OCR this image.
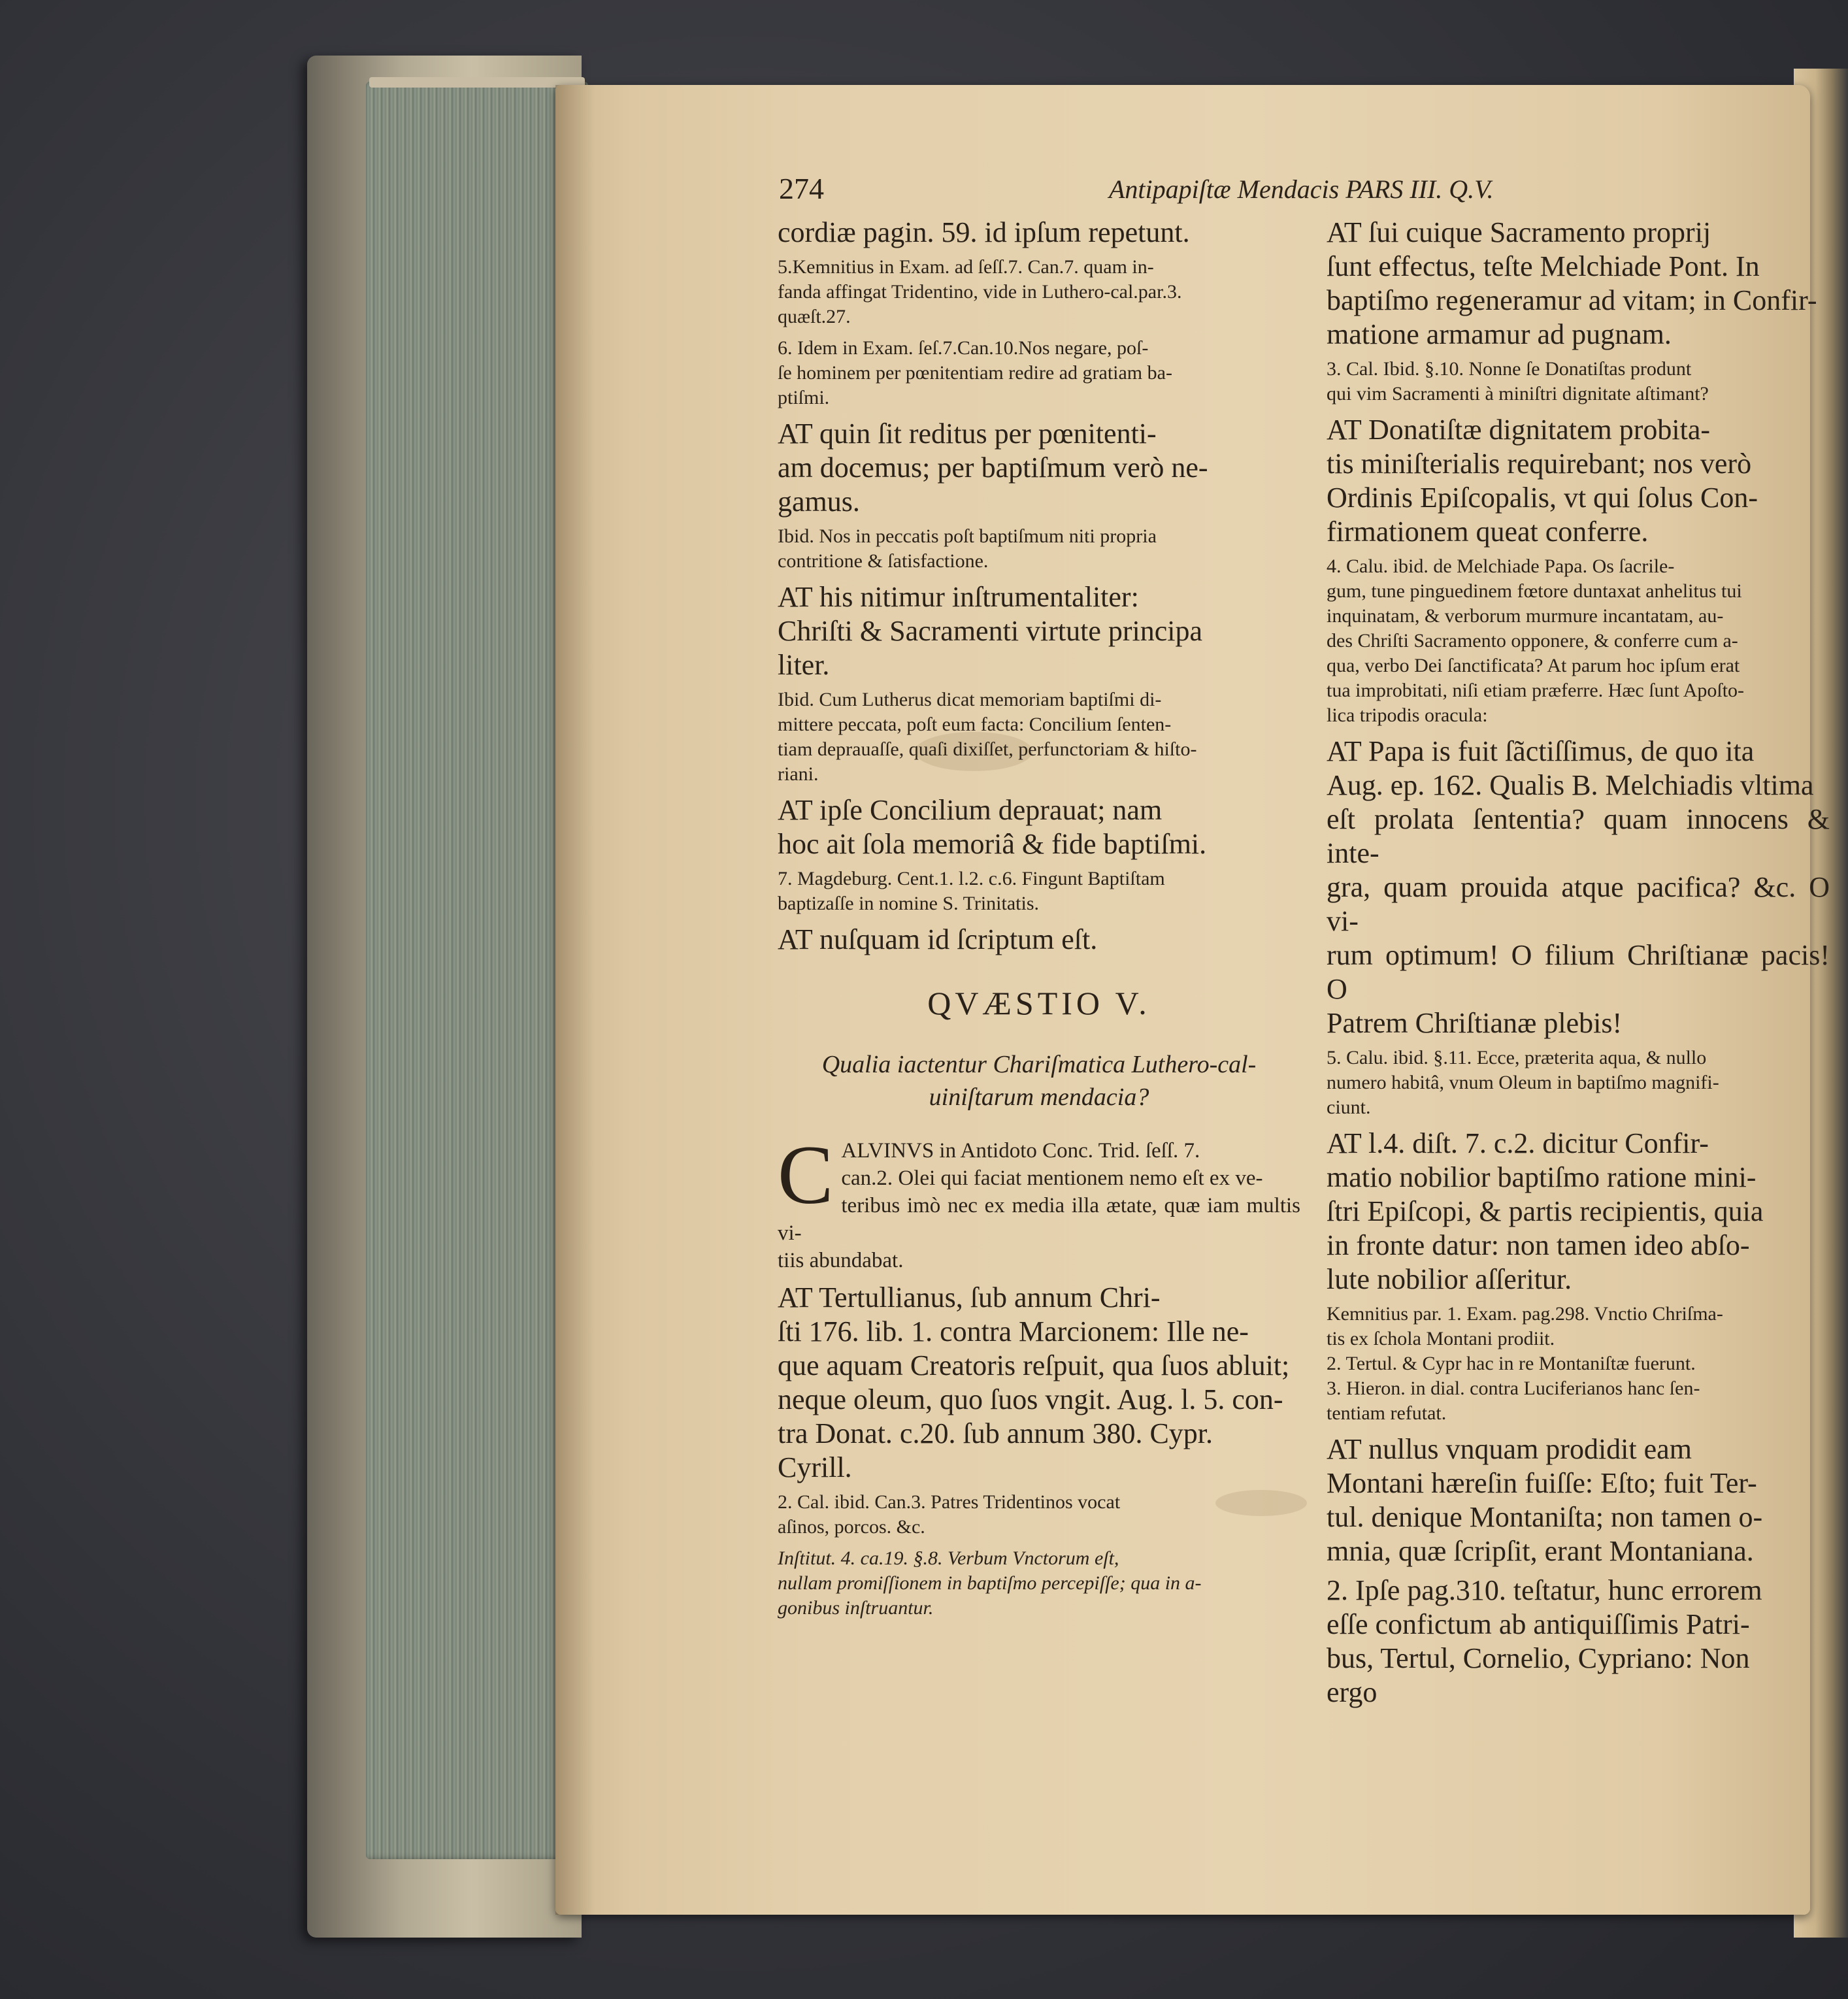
274	Antipapiſtæ Mendacis PARS III. Q.V.

cordiæ pagin. 59. id ipſum repetunt.

5.Kemnitius in Exam. ad ſeſſ.7. Can.7. quam in-
fanda affingat Tridentino, vide in Luthero-cal.par.3.
quæſt.27.

6. Idem in Exam. ſeſ.7.Can.10.Nos negare, poſ-
ſe hominem per pœnitentiam redire ad gratiam ba-
ptiſmi.

AT quin ſit reditus per pœnitenti-
am docemus; per baptiſmum verò ne-
gamus.

Ibid. Nos in peccatis poſt baptiſmum niti propria
contritione & ſatisfactione.

AT his nitimur inſtrumentaliter:
Chriſti & Sacramenti virtute principa
liter.

Ibid. Cum Lutherus dicat memoriam baptiſmi di-
mittere peccata, poſt eum facta: Concilium ſenten-
tiam deprauaſſe, quaſi dixiſſet, perfunctoriam & hiſto-
riani.

AT ipſe Concilium deprauat; nam
hoc ait ſola memoriâ & fide baptiſmi.

7. Magdeburg. Cent.1. l.2. c.6. Fingunt Baptiſtam
baptizaſſe in nomine S. Trinitatis.

AT nuſquam id ſcriptum eſt.

QVÆSTIO V.
Qualia iactentur Chariſmatica Luthero-cal-
uiniſtarum mendacia?
C ALVINVS in Antidoto Conc. Trid. ſeſſ. 7.
can.2. Olei qui faciat mentionem nemo eſt ex ve-
teribus imò nec ex media illa ætate, quæ iam multis vi-
tiis abundabat.

AT Tertullianus, ſub annum Chri-
ſti 176. lib. 1. contra Marcionem: Ille ne-
que aquam Creatoris reſpuit, qua ſuos abluit;
neque oleum, quo ſuos vngit. Aug. l. 5. con-
tra Donat. c.20. ſub annum 380. Cypr.
Cyrill.

2. Cal. ibid. Can.3. Patres Tridentinos vocat
aſinos, porcos. &c.

Inſtitut. 4. ca.19. §.8. Verbum Vnctorum eſt,
nullam promiſſionem in baptiſmo percepiſſe; qua in a-
gonibus inſtruantur.

AT ſui cuique Sacramento proprij
ſunt effectus, teſte Melchiade Pont. In
baptiſmo regeneramur ad vitam; in Confir-
matione armamur ad pugnam.

3. Cal. Ibid. §.10. Nonne ſe Donatiſtas produnt
qui vim Sacramenti à miniſtri dignitate aſtimant?

AT Donatiſtæ dignitatem probita-
tis miniſterialis requirebant; nos verò
Ordinis Epiſcopalis, vt qui ſolus Con-
firmationem queat conferre.

4. Calu. ibid. de Melchiade Papa. Os ſacrile-
gum, tune pinguedinem fœtore duntaxat anhelitus tui
inquinatam, & verborum murmure incantatam, au-
des Chriſti Sacramento opponere, & conferre cum a-
qua, verbo Dei ſanctificata? At parum hoc ipſum erat
tua improbitati, niſi etiam præferre. Hæc ſunt Apoſto-
lica tripodis oracula:

AT Papa is fuit ſãctiſſimus, de quo ita
Aug. ep. 162. Qualis B. Melchiadis vltima
eſt prolata ſententia? quam innocens & inte-
gra, quam prouida atque pacifica? &c. O vi-
rum optimum! O filium Chriſtianæ pacis! O
Patrem Chriſtianæ plebis!

5. Calu. ibid. §.11. Ecce, præterita aqua, & nullo
numero habitâ, vnum Oleum in baptiſmo magnifi-
ciunt.

AT l.4. diſt. 7. c.2. dicitur Confir-
matio nobilior baptiſmo ratione mini-
ſtri Epiſcopi, & partis recipientis, quia
in fronte datur: non tamen ideo abſo-
lute nobilior aſſeritur.

Kemnitius par. 1. Exam. pag.298. Vnctio Chriſma-
tis ex ſchola Montani prodiit.
2. Tertul. & Cypr hac in re Montaniſtæ fuerunt.
3. Hieron. in dial. contra Luciferianos hanc ſen-
tentiam refutat.

AT nullus vnquam prodidit eam
Montani hæreſin fuiſſe: Eſto; fuit Ter-
tul. denique Montaniſta; non tamen o-
mnia, quæ ſcripſit, erant Montaniana.

2. Ipſe pag.310. teſtatur, hunc errorem
eſſe confictum ab antiquiſſimis Patri-
bus, Tertul, Cornelio, Cypriano: Non
ergo
